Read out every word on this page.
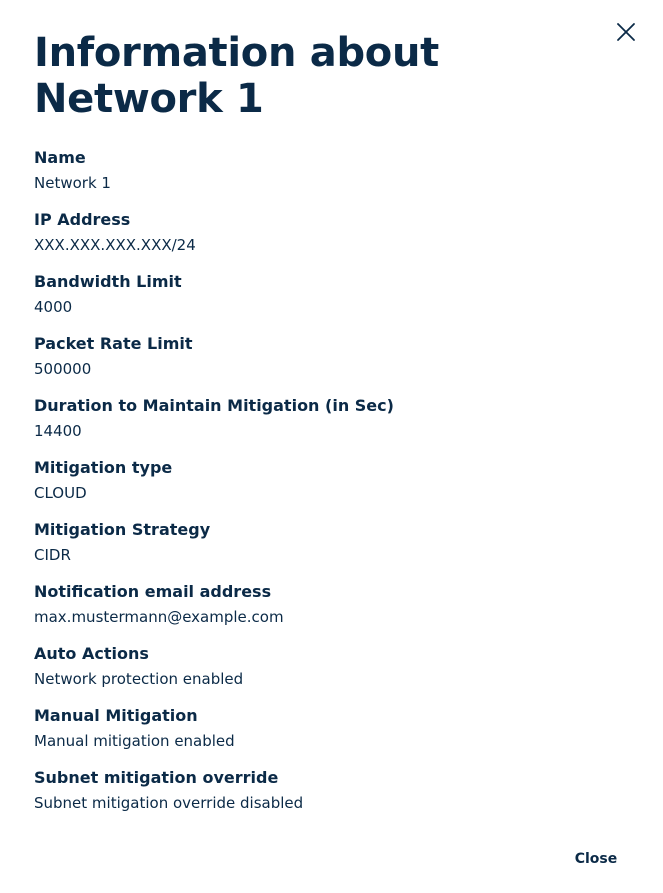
Information about Network 1
Name
Network 1
IP Address
XXX.XXX.XXX.XXX/24
Bandwidth Limit
4000
Packet Rate Limit
500000
Duration to Maintain Mitigation (in Sec)
14400
Mitigation type
CLOUD
Mitigation Strategy
CIDR
Notification email address
max.mustermann@example.com
Auto Actions
Network protection enabled
Manual Mitigation
Manual mitigation enabled
Subnet mitigation override
Subnet mitigation override disabled
Close
